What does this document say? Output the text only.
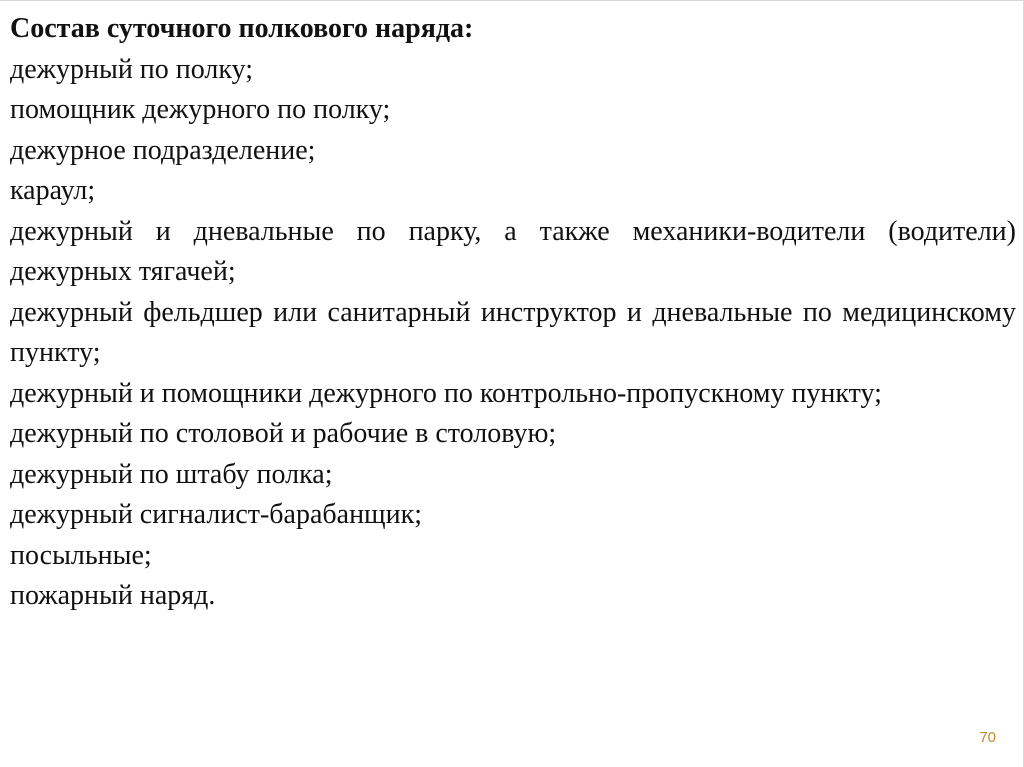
Состав суточного полкового наряда:

дежурный по полку;

помощник дежурного по полку;

дежурное подразделение;

караул;

дежурный и дневальные по парку, а также механики-водители (водители) дежурных тягачей;

дежурный фельдшер или санитарный инструктор и дневальные по медицинскому пункту;

дежурный и помощники дежурного по контрольно-пропускному пункту;

дежурный по столовой и рабочие в столовую;

дежурный по штабу полка;

дежурный сигналист-барабанщик;

посыльные;

пожарный наряд.

70
